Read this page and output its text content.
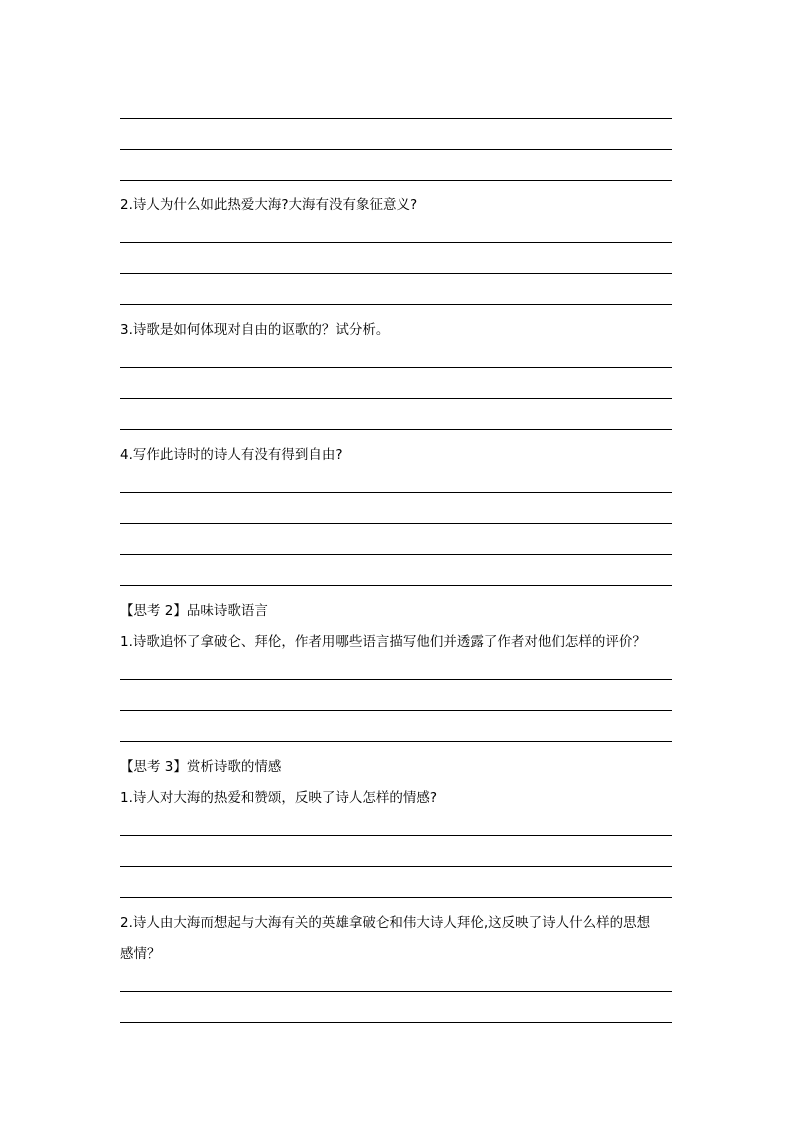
2.诗人为什么如此热爱大海?大海有没有象征意义?
3.诗歌是如何体现对自由的讴歌的？试分析。
4.写作此诗时的诗人有没有得到自由?
【思考 2】品味诗歌语言
1.诗歌追怀了拿破仑、拜伦，作者用哪些语言描写他们并透露了作者对他们怎样的评价？
【思考 3】赏析诗歌的情感
1.诗人对大海的热爱和赞颂，反映了诗人怎样的情感?
2.诗人由大海而想起与大海有关的英雄拿破仑和伟大诗人拜伦,这反映了诗人什么样的思想
感情？
